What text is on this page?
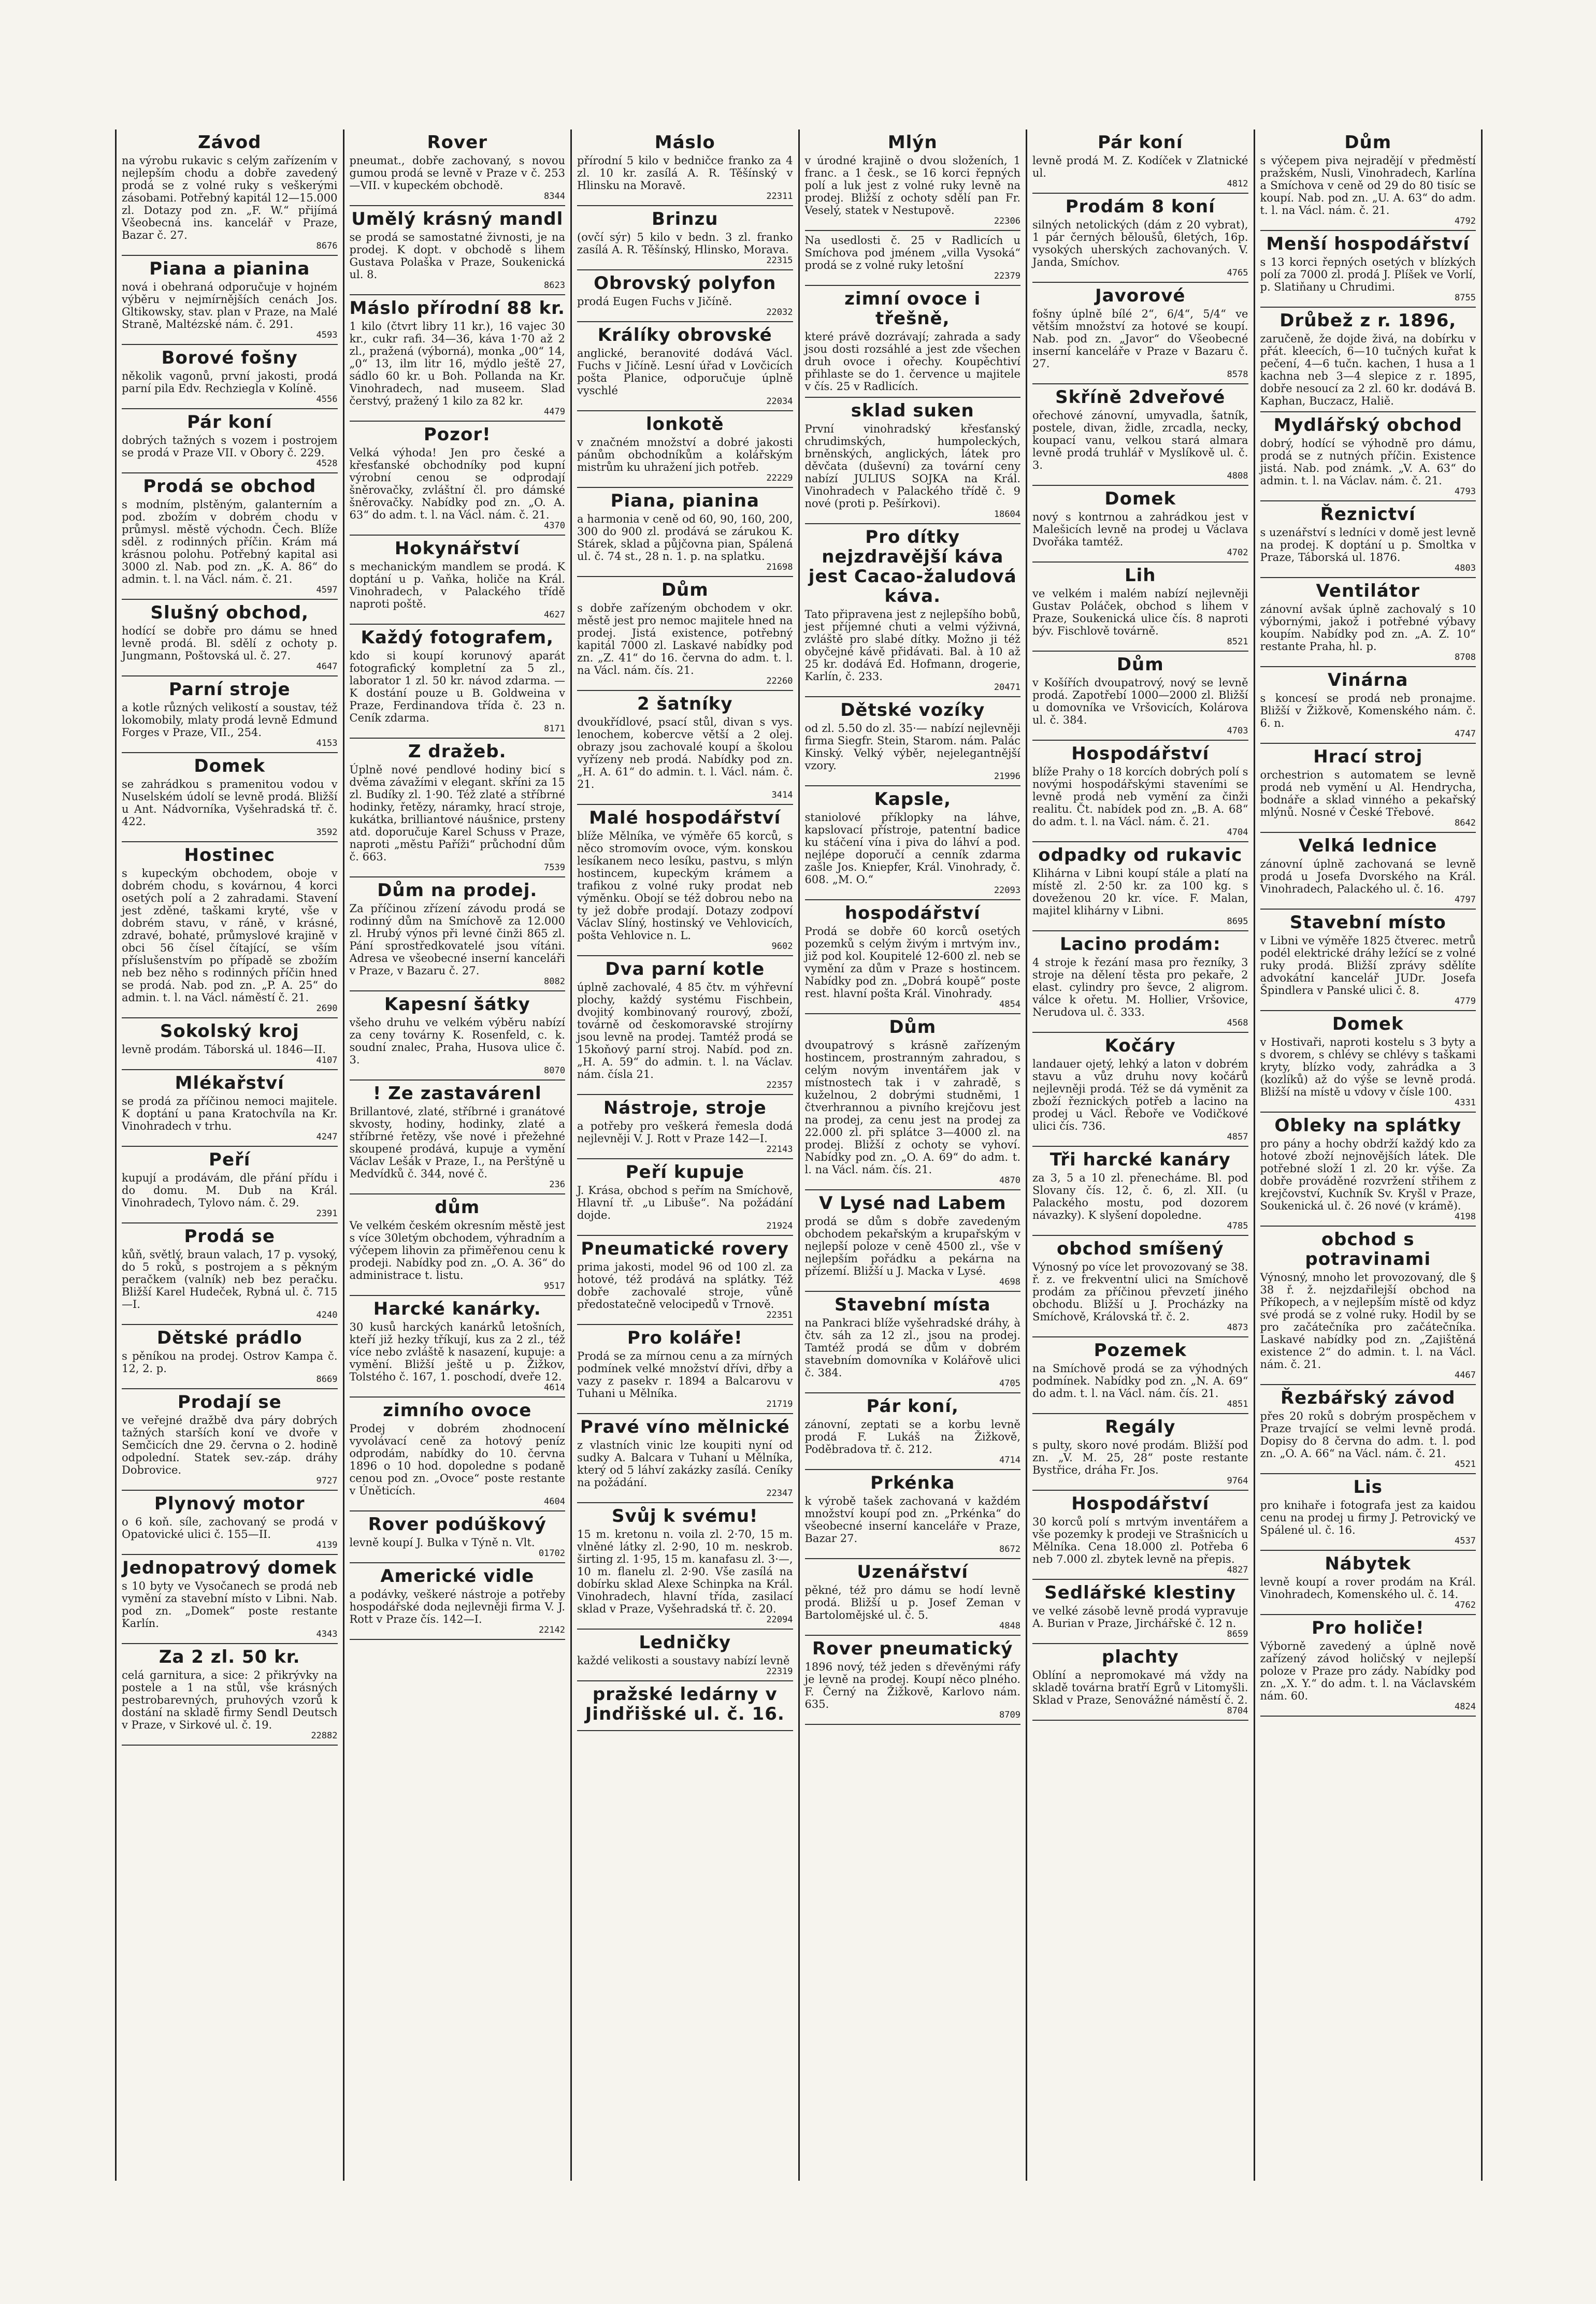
Závod

na výrobu rukavic s celým zařízením v nejlepším chodu a dobře zavedený prodá se z volné ruky s veškerými zásobami. Potřebný kapitál 12—15.000 zl. Dotazy pod zn. „F. W.“ přijímá Všeobecná ins. kancelář v Praze, Bazar č. 27.

8676
Piana a pianina

nová i obehraná odporučuje v hojném výběru v nejmírnějších cenách Jos. Gltikowsky, stav. plan v Praze, na Malé Straně, Maltézské nám. č. 291.

4593
Borové fošny

několik vagonů, první jakosti, prodá parní pila Edv. Rechziegla v Kolíně.

4556
Pár koní

dobrých tažných s vozem i postrojem se prodá v Praze VII. v Obory č. 229.

4528
Prodá se obchod

s modním, plstěným, galanterním a pod. zbožím v dobrém chodu v průmysl. městě východn. Čech. Blíže sděl. z rodinných příčin. Krám má krásnou polohu. Potřebný kapital asi 3000 zl. Nab. pod zn. „K. A. 86“ do admin. t. l. na Václ. nám. č. 21.

4597
Slušný obchod,

hodící se dobře pro dámu se hned levně prodá. Bl. sdělí z ochoty p. Jungmann, Poštovská ul. č. 27.

4647
Parní stroje

a kotle různých velikostí a soustav, též lokomobily, mlaty prodá levně Edmund Forges v Praze, VII., 254.

4153
Domek

se zahrádkou s pramenitou vodou v Nuselském údolí se levně prodá. Bližší u Ant. Nádvorníka, Vyšehradská tř. č. 422.

3592
Hostinec

s kupeckým obchodem, oboje v dobrém chodu, s kovárnou, 4 korci osetých polí a 2 zahradami. Stavení jest zděné, taškami kryté, vše v dobrém stavu, v ráně, v krásné, zdravé, bohaté, průmyslové krajině v obci 56 čísel čítající, se vším příslušenstvím po případě se zbožím neb bez něho s rodinných příčin hned se prodá. Nab. pod zn. „P. A. 25“ do admin. t. l. na Václ. náměstí č. 21.

2690
Sokolský kroj

levně prodám. Táborská ul. 1846—II.

4107
Mlékařství

se prodá za příčinou nemoci majitele. K doptání u pana Kratochvíla na Kr. Vinohradech v trhu.

4247
Peří

kupují a prodávám, dle přání přídu i do domu. M. Dub na Král. Vinohradech, Tylovo nám. č. 29.

2391
Prodá se

kůň, světlý, braun valach, 17 p. vysoký, do 5 roků, s postrojem a s pěkným peračkem (valník) neb bez peračku. Bližší Karel Hudeček, Rybná ul. č. 715—I.

4240
Dětské prádlo

s pěníkou na prodej. Ostrov Kampa č. 12, 2. p.

8669
Prodají se

ve veřejné dražbě dva páry dobrých tažných starších koní ve dvoře v Semčicích dne 29. června o 2. hodině odpolední. Statek sev.-záp. dráhy Dobrovice.

9727
Plynový motor

o 6 koň. síle, zachovaný se prodá v Opatovické ulici č. 155—II.

4139
Jednopatrový domek

s 10 byty ve Vysočanech se prodá neb vymění za stavební místo v Libni. Nab. pod zn. „Domek“ poste restante Karlín.

4343
Za 2 zl. 50 kr.

celá garnitura, a sice: 2 přikrývky na postele a 1 na stůl, vše krásných pestrobarevných, pruhových vzorů k dostání na skladě firmy Sendl Deutsch v Praze, v Sirkové ul. č. 19.

22882
Rover

pneumat., dobře zachovaný, s novou gumou prodá se levně v Praze v č. 253—VII. v kupeckém obchodě.

8344
Umělý krásný mandl

se prodá se samostatné živnosti, je na prodej. K dopt. v obchodě s lihem Gustava Polaška v Praze, Soukenická ul. 8.

8623
Máslo přírodní 88 kr.

1 kilo (čtvrt libry 11 kr.), 16 vajec 30 kr., cukr rafi. 34—36, káva 1·70 až 2 zl., pražená (výborná), monka „00“ 14, „0“ 13, ilm litr 16, mýdlo ještě 27, sádlo 60 kr. u Boh. Pollanda na Kr. Vinohradech, nad museem. Slad čerstvý, pražený 1 kilo za 82 kr.

4479
Pozor!

Velká výhoda! Jen pro české a křesťanské obchodníky pod kupní výrobní cenou se odprodají šněrovačky, zvláštní čl. pro dámské šněrovačky. Nabídky pod zn. „O. A. 63“ do adm. t. l. na Václ. nám. č. 21.

4370
Hokynářství

s mechanickým mandlem se prodá. K doptání u p. Vaňka, holiče na Král. Vinohradech, v Palackého třídě naproti poště.

4627
Každý fotografem,

kdo si koupí korunový aparát fotografický kompletní za 5 zl., laborator 1 zl. 50 kr. návod zdarma. — K dostání pouze u B. Goldweina v Praze, Ferdinandova třída č. 23 n. Ceník zdarma.

8171
Z dražeb.

Úplně nové pendlové hodiny bicí s dvěma závažími v elegant. skříni za 15 zl. Budíky zl. 1·90. Též zlaté a stříbrné hodinky, řetězy, náramky, hrací stroje, kukátka, brilliantové náušnice, prsteny atd. doporučuje Karel Schuss v Praze, naproti „městu Paříži“ průchodní dům č. 663.

7539
Dům na prodej.

Za příčinou zřízení závodu prodá se rodinný dům na Smíchově za 12.000 zl. Hrubý výnos při levné činži 865 zl. Pání sprostředkovatelé jsou vítáni. Adresa ve všeobecné inserní kanceláři v Praze, v Bazaru č. 27.

8082
Kapesní šátky

všeho druhu ve velkém výběru nabízí za ceny továrny K. Rosenfeld, c. k. soudní znalec, Praha, Husova ulice č. 3.

8070
! Ze zastavárenl

Brillantové, zlaté, stříbrné i granátové skvosty, hodiny, hodinky, zlaté a stříbrné řetězy, vše nové i přežehné skoupené prodává, kupuje a vymění Václav Lešák v Praze, I., na Perštýně u Medvídků č. 344, nové č.

236
dům

Ve velkém českém okresním městě jest s více 30letým obchodem, výhradním a výčepem lihovin za přiměřenou cenu k prodeji. Nabídky pod zn. „O. A. 36“ do administrace t. listu.

9517
Harcké kanárky.

30 kusů harckých kanárků letošních, kteří již hezky tříkují, kus za 2 zl., též více nebo zvláště k nasazení, kupuje: a vymění. Bližší ještě u p. Žižkov, Tolstého č. 167, 1. poschodí, dveře 12.

4614
zimního ovoce

Prodej v dobrém zhodnocení vyvolávací ceně za hotový peníz odprodám, nabídky do 10. června 1896 o 10 hod. dopoledne s podaně cenou pod zn. „Ovoce“ poste restante v Úněticích.

4604
Rover podúškový

levně koupí J. Bulka v Týně n. Vlt.

01702
Americké vidle

a podávky, veškeré nástroje a potřeby hospodářské doda nejlevněji firma V. J. Rott v Praze čís. 142—I.

22142
Máslo

přírodní 5 kilo v bedničce franko za 4 zl. 10 kr. zasílá A. R. Těšínský v Hlinsku na Moravě.

22311
Brinzu

(ovčí sýr) 5 kilo v bedn. 3 zl. franko zasílá A. R. Těšínský, Hlinsko, Morava.

22315
Obrovský polyfon

prodá Eugen Fuchs v Jičíně.

22032
Králíky obrovské

anglické, beranovité dodává Václ. Fuchs v Jičíně. Lesní úřad v Lovčicích pošta Planice, odporučuje úplně vyschlé

22034
lonkotě

v značném množství a dobré jakosti pánům obchodníkům a kolářským mistrům ku uhražení jich potřeb.

22229
Piana, pianina

a harmonia v ceně od 60, 90, 160, 200, 300 do 900 zl. prodává se zárukou K. Stárek, sklad a půjčovna pian, Spálená ul. č. 74 st., 28 n. 1. p. na splatku.

21698
Dům

s dobře zařízeným obchodem v okr. městě jest pro nemoc majitele hned na prodej. Jistá existence, potřebný kapitál 7000 zl. Laskavé nabídky pod zn. „Z. 41“ do 16. června do adm. t. l. na Václ. nám. čís. 21.

22260
2 šatníky

dvoukřídlové, psací stůl, divan s vys. lenochem, kobercve větší a 2 olej. obrazy jsou zachovalé koupí a školou vyřízeny neb prodá. Nabídky pod zn. „H. A. 61“ do admin. t. l. Václ. nám. č. 21.

3414
Malé hospodářství

blíže Mělníka, ve výměře 65 korců, s něco stromovím ovoce, vým. konskou lesíkanem neco lesíku, pastvu, s mlýn hostincem, kupeckým krámem a trafikou z volné ruky prodat neb výměnku. Obojí se též dobrou nebo na ty jež dobře prodají. Dotazy zodpoví Václav Slíný, hostinský ve Vehlovicích, pošta Vehlovice n. L.

9602
Dva parní kotle

úplně zachovalé, 4 85 čtv. m výhřevní plochy, každý systému Fischbein, dvojitý kombinovaný rourový, zboží, továrně od českomoravské strojírny jsou levně na prodej. Tamtéž prodá se 15koňový parní stroj. Nabíd. pod zn. „H. A. 59“ do admin. t. l. na Václav. nám. čísla 21.

22357
Nástroje, stroje

a potřeby pro veškerá řemesla dodá nejlevněji V. J. Rott v Praze 142—I.

22143
Peří kupuje

J. Krása, obchod s peřím na Smíchově, Hlavní tř. „u Libuše“. Na požádání dojde.

21924
Pneumatické rovery

prima jakosti, model 96 od 100 zl. za hotové, též prodává na splátky. Též dobře zachovalé stroje, vůně předostatečně velocipedů v Trnově.

22351
Pro koláře!

Prodá se za mírnou cenu a za mírných podmínek velké množství dřívi, dřby a vazy z pasekv r. 1894 a Balcarovu v Tuhani u Mělníka.

21719
Pravé víno mělnické

z vlastních vinic lze koupiti nyní od sudky A. Balcara v Tuhaní u Mělníka, který od 5 láhví zakázky zasílá. Ceníky na požádání.

22347
Svůj k svému!

15 m. kretonu n. voila zl. 2·70, 15 m. vlněné látky zl. 2·90, 10 m. neskrob. širting zl. 1·95, 15 m. kanafasu zl. 3·—, 10 m. flanelu zl. 2·90. Vše zasílá na dobírku sklad Alexe Schinpka na Král. Vinohradech, hlavní třída, zasilací sklad v Praze, Vyšehradská tř. č. 20.

22094
Ledničky

každé velikosti a soustavy nabízí levně

22319
pražské ledárny v Jindřišské ul. č. 16.
Mlýn

v úrodné krajině o dvou složeních, 1 franc. a 1 česk., se 16 korci řepných polí a luk jest z volné ruky levně na prodej. Bližší z ochoty sdělí pan Fr. Veselý, statek v Nestupově.

22306

Na usedlosti č. 25 v Radlicích u Smíchova pod jménem „villa Vysoká“ prodá se z volné ruky letošní

22379
zimní ovoce i třešně,

které právě dozrávají; zahrada a sady jsou dosti rozsáhlé a jest zde všechen druh ovoce i ořechy. Koupěchtiví přihlaste se do 1. července u majitele v čís. 25 v Radlicích.

sklad suken

První vinohradský křesťanský chrudimských, humpoleckých, brněnských, anglických, látek pro děvčata (duševní) za tovární ceny nabízí JULIUS SOJKA na Král. Vinohradech v Palackého třídě č. 9 nové (proti p. Pešírkovi).

18604
Pro dítky nejzdravější káva jest Cacao-žaludová káva.

Tato připravena jest z nejlepšího bobů, jest příjemné chuti a velmi výživná, zvláště pro slabé dítky. Možno ji též obyčejné kávě přidávati. Bal. à 10 až 25 kr. dodává Ed. Hofmann, drogerie, Karlín, č. 233.

20471
Dětské vozíky

od zl. 5.50 do zl. 35·— nabízí nejlevněji firma Siegfr. Stein, Starom. nám. Palác Kinský. Velký výběr, nejelegantnější vzory.

21996
Kapsle,

staniolové příklopky na láhve, kapslovací přístroje, patentní badice ku stáčení vína i piva do láhví a pod. nejlépe doporučí a cenník zdarma zašle Jos. Kniepfer, Král. Vinohrady, č. 608. „M. O.“

22093
hospodářství

Prodá se dobře 60 korců osetých pozemků s celým živým i mrtvým inv., již pod kol. Koupitelé 12-600 zl. neb se vymění za dům v Praze s hostincem. Nabídky pod zn. „Dobrá koupě“ poste rest. hlavní pošta Král. Vinohrady.

4854
Dům

dvoupatrový s krásně zařízeným hostincem, prostranným zahradou, s celým novým inventářem jak v místnostech tak i v zahradě, s kuželnou, 2 dobrými studněmi, 1 čtverhrannou a pivního krejčovu jest na prodej, za cenu jest na prodej za 22.000 zl. při splátce 3—4000 zl. na prodej. Bližší z ochoty se vyhoví. Nabídky pod zn. „O. A. 69“ do adm. t. l. na Václ. nám. čís. 21.

4870
V Lysé nad Labem

prodá se dům s dobře zavedeným obchodem pekařským a krupařským v nejlepší poloze v ceně 4500 zl., vše v nejlepším pořádku a pekárna na přízemí. Bližší u J. Macka v Lysé.

4698
Stavební místa

na Pankraci blíže vyšehradské dráhy, à čtv. sáh za 12 zl., jsou na prodej. Tamtéž prodá se dům v dobrém stavebním domovníka v Kolářově ulici č. 384.

4705
Pár koní,

zánovní, zeptati se a korbu levně prodá F. Lukáš na Žižkově, Poděbradova tř. č. 212.

4714
Prkénka

k výrobě tašek zachovaná v každém množství koupí pod zn. „Prkénka“ do všeobecné inserní kanceláře v Praze, Bazar 27.

8672
Uzenářství

pěkné, též pro dámu se hodí levně prodá. Bližší u p. Josef Zeman v Bartolomějské ul. č. 5.

4848
Rover pneumatický

1896 nový, též jeden s dřevěnými ráfy je levně na prodej. Koupí něco plného. F. Černý na Žižkově, Karlovo nám. 635.

8709
Pár koní

levně prodá M. Z. Kodíček v Zlatnické ul.

4812
Prodám 8 koní

silných netolických (dám z 20 vybrat), 1 pár černých běloušů, 6letých, 16p. vysokých uherských zachovaných. V. Janda, Smíchov.

4765
Javorové

fošny úplně bílé 2“, 6/4“, 5/4“ ve větším množství za hotové se koupí. Nab. pod zn. „Javor“ do Všeobecné inserní kanceláře v Praze v Bazaru č. 27.

8578
Skříně 2dveřové

ořechové zánovní, umyvadla, šatník, postele, divan, židle, zrcadla, necky, koupací vanu, velkou stará almara levně prodá truhlář v Myslíkově ul. č. 3.

4808
Domek

nový s kontrnou a zahrádkou jest v Malešicích levně na prodej u Václava Dvořáka tamtéž.

4702
Lih

ve velkém i malém nabízí nejlevněji Gustav Poláček, obchod s lihem v Praze, Soukenická ulice čís. 8 naproti býv. Fischlově továrně.

8521
Dům

v Košířích dvoupatrový, nový se levně prodá. Zapotřebí 1000—2000 zl. Bližší u domovníka ve Vršovicích, Kolárova ul. č. 384.

4703
Hospodářství

blíže Prahy o 18 korcích dobrých polí s novými hospodářskými staveními se levně prodá neb vymění za činži realitu. Čt. nabídek pod zn. „B. A. 68“ do adm. t. l. na Václ. nám. č. 21.

4704
odpadky od rukavic

Klihárna v Libni koupí stále a platí na místě zl. 2·50 kr. za 100 kg. s doveženou 20 kr. více. F. Malan, majitel klihárny v Libni.

8695
Lacino prodám:

4 stroje k řezání masa pro řezníky, 3 stroje na dělení těsta pro pekaře, 2 elast. cylindry pro ševce, 2 aligrom. válce k ořetu. M. Hollier, Vršovice, Nerudova ul. č. 333.

4568
Kočáry

landauer ojetý, lehký a laton v dobrém stavu a vůz druhu novy kočárů nejlevněji prodá. Též se dá vyměnit za zboží řeznických potřeb a lacino na prodej u Václ. Řeboře ve Vodičkové ulici čís. 736.

4857
Tři harcké kanáry

za 3, 5 a 10 zl. přenecháme. Bl. pod Slovany čís. 12, č. 6, zl. XII. (u Palackého mostu, pod dozorem návazky). K slyšení dopoledne.

4785
obchod smíšený

Výnosný po více let provozovaný se 38. ř. z. ve frekventní ulici na Smíchově prodám za příčinou převzetí jiného obchodu. Bližší u J. Procházky na Smíchově, Královská tř. č. 2.

4873
Pozemek

na Smíchově prodá se za výhodných podmínek. Nabídky pod zn. „N. A. 69“ do adm. t. l. na Václ. nám. čís. 21.

4851
Regály

s pulty, skoro nové prodám. Bližší pod zn. „V. M. 25, 28“ poste restante Bystřice, dráha Fr. Jos.

9764
Hospodářství

30 korců polí s mrtvým inventářem a vše pozemky k prodeji ve Strašnicích u Mělníka. Cena 18.000 zl. Potřeba 6 neb 7.000 zl. zbytek levně na přepis.

4827
Sedlářské klestiny

ve velké zásobě levně prodá vypravuje A. Burian v Praze, Jirchářské č. 12 n.

8659
plachty

Oblíní a nepromokavé má vždy na skladě továrna bratří Egrů v Litomyšli. Sklad v Praze, Senovážné náměstí č. 2.

8704
Dům

s výčepem piva nejradějí v předměstí pražském, Nusli, Vinohradech, Karlína a Smíchova v ceně od 29 do 80 tisíc se koupí. Nab. pod zn. „U. A. 63“ do adm. t. l. na Václ. nám. č. 21.

4792
Menší hospodářství

s 13 korci řepných osetých v blízkých polí za 7000 zl. prodá J. Plíšek ve Vorlí, p. Slatiňany u Chrudimi.

8755
Drůbež z r. 1896,

zaručeně, že dojde živá, na dobírku v přát. kleecích, 6—10 tučných kuřat k pečení, 4—6 tučn. kachen, 1 husa a 1 kachna neb 3—4 slepice z r. 1895, dobře nesoucí za 2 zl. 60 kr. dodává B. Kaphan, Buczacz, Haliě.

Mydlářský obchod

dobrý, hodící se výhodně pro dámu, prodá se z nutných příčin. Existence jistá. Nab. pod známk. „V. A. 63“ do admin. t. l. na Václav. nám. č. 21.

4793
Řeznictví

s uzenářství s ledníci v domě jest levně na prodej. K doptání u p. Smoltka v Praze, Táborská ul. 1876.

4803
Ventilátor

zánovní avšak úplně zachovalý s 10 výbornými, jakož i potřebné výbavy koupím. Nabídky pod zn. „A. Z. 10“ restante Praha, hl. p.

8708
Vinárna

s koncesí se prodá neb pronajme. Bližší v Žižkově, Komenského nám. č. 6. n.

4747
Hrací stroj

orchestrion s automatem se levně prodá neb vymění u Al. Hendrycha, bodnáře a sklad vinného a pekařský mlýnů. Nosné v České Třebové.

8642
Velká lednice

zánovní úplně zachovaná se levně prodá u Josefa Dvorského na Král. Vinohradech, Palackého ul. č. 16.

4797
Stavební místo

v Libni ve výměře 1825 čtverec. metrů podél elektrické dráhy ležící se z volné ruky prodá. Bližší zprávy sdělíte advokátní kancelář JUDr. Josefa Špindlera v Panské ulici č. 8.

4779
Domek

v Hostivaři, naproti kostelu s 3 byty a s dvorem, s chlévy se chlévy s taškami kryty, blízko vody, zahrádka a 3 (kozlíků) až do výše se levně prodá. Bližší na místě u vdovy v čísle 100.

4331
Obleky na splátky

pro pány a hochy obdrží každý kdo za hotové zboží nejnovějších látek. Dle potřebné složí 1 zl. 20 kr. výše. Za dobře prováděné rozvržení střihem z krejčovství, Kuchník Sv. Kryšl v Praze, Soukenická ul. č. 26 nové (v krámě).

4198
obchod s potravinami

Výnosný, mnoho let provozovaný, dle § 38 ř. ž. nejzdařilejší obchod na Příkopech, a v nejlepším místě od kdyz své prodá se z volné ruky. Hodil by se pro začátečníka pro začátečníka. Laskavé nabídky pod zn. „Zajištěná existence 2“ do admin. t. l. na Václ. nám. č. 21.

4467
Řezbářský závod

přes 20 roků s dobrým prospěchem v Praze trvající se velmi levně prodá. Dopisy do 8 června do adm. t. l. pod zn. „O. A. 66“ na Václ. nám. č. 21.

4521
Lis

pro knihaře i fotografa jest za kaidou cenu na prodej u firmy J. Petrovický ve Spálené ul. č. 16.

4537
Nábytek

levně koupí a rover prodám na Král. Vinohradech, Komenského ul. č. 14.

4762
Pro holiče!

Výborně zavedený a úplně nově zařízený závod holičský v nejlepší poloze v Praze pro zády. Nabídky pod zn. „X. Y.“ do adm. t. l. na Václavském nám. 60.

4824
